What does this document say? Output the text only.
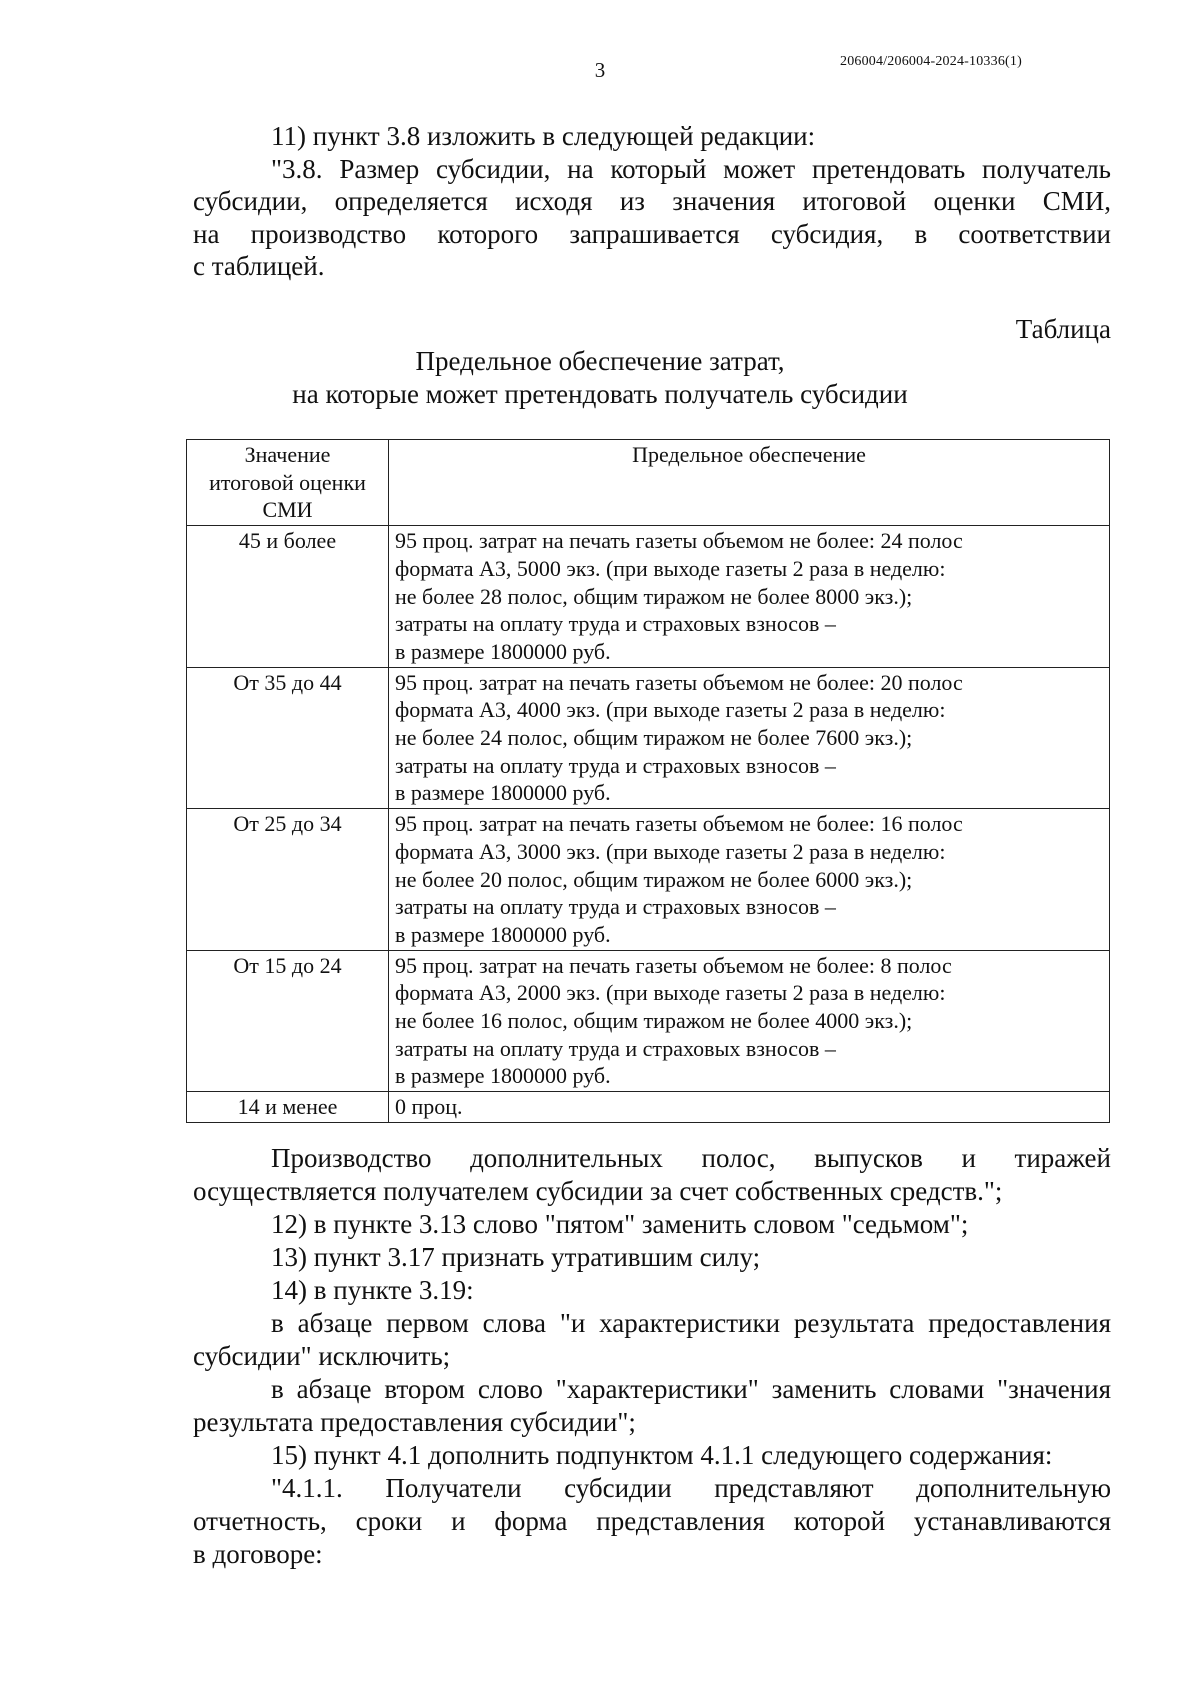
3	206004/206004-2024-10336(1)

11) пункт 3.8 изложить в следующей редакции:

"3.8. Размер субсидии, на который может претендовать получатель

субсидии, определяется исходя из значения итоговой оценки СМИ,

на производство которого запрашивается субсидия, в соответствии

с таблицей.

Таблица
Предельное обеспечение затрат,
на которые может претендовать получатель субсидии
Значение
итоговой оценки
СМИ	Предельное обеспечение
45 и более	95 проц. затрат на печать газеты объемом не более: 24 полос
формата А3, 5000 экз. (при выходе газеты 2 раза в неделю:
не более 28 полос, общим тиражом не более 8000 экз.);
затраты на оплату труда и страховых взносов –
в размере 1800000 руб.

От 35 до 44	95 проц. затрат на печать газеты объемом не более: 20 полос
формата А3, 4000 экз. (при выходе газеты 2 раза в неделю:
не более 24 полос, общим тиражом не более 7600 экз.);
затраты на оплату труда и страховых взносов –
в размере 1800000 руб.

От 25 до 34	95 проц. затрат на печать газеты объемом не более: 16 полос
формата А3, 3000 экз. (при выходе газеты 2 раза в неделю:
не более 20 полос, общим тиражом не более 6000 экз.);
затраты на оплату труда и страховых взносов –
в размере 1800000 руб.

От 15 до 24	95 проц. затрат на печать газеты объемом не более: 8 полос
формата А3, 2000 экз. (при выходе газеты 2 раза в неделю:
не более 16 полос, общим тиражом не более 4000 экз.);
затраты на оплату труда и страховых взносов –
в размере 1800000 руб.

14 и менее	0 проц.

Производство дополнительных полос, выпусков и тиражей

осуществляется получателем субсидии за счет собственных средств.";

12) в пункте 3.13 слово "пятом" заменить словом "седьмом";

13) пункт 3.17 признать утратившим силу;

14) в пункте 3.19:

в абзаце первом слова "и характеристики результата предоставления

субсидии" исключить;

в абзаце втором слово "характеристики" заменить словами "значения

результата предоставления субсидии";

15) пункт 4.1 дополнить подпунктом 4.1.1 следующего содержания:

"4.1.1. Получатели субсидии представляют дополнительную

отчетность, сроки и форма представления которой устанавливаются

в договоре:
